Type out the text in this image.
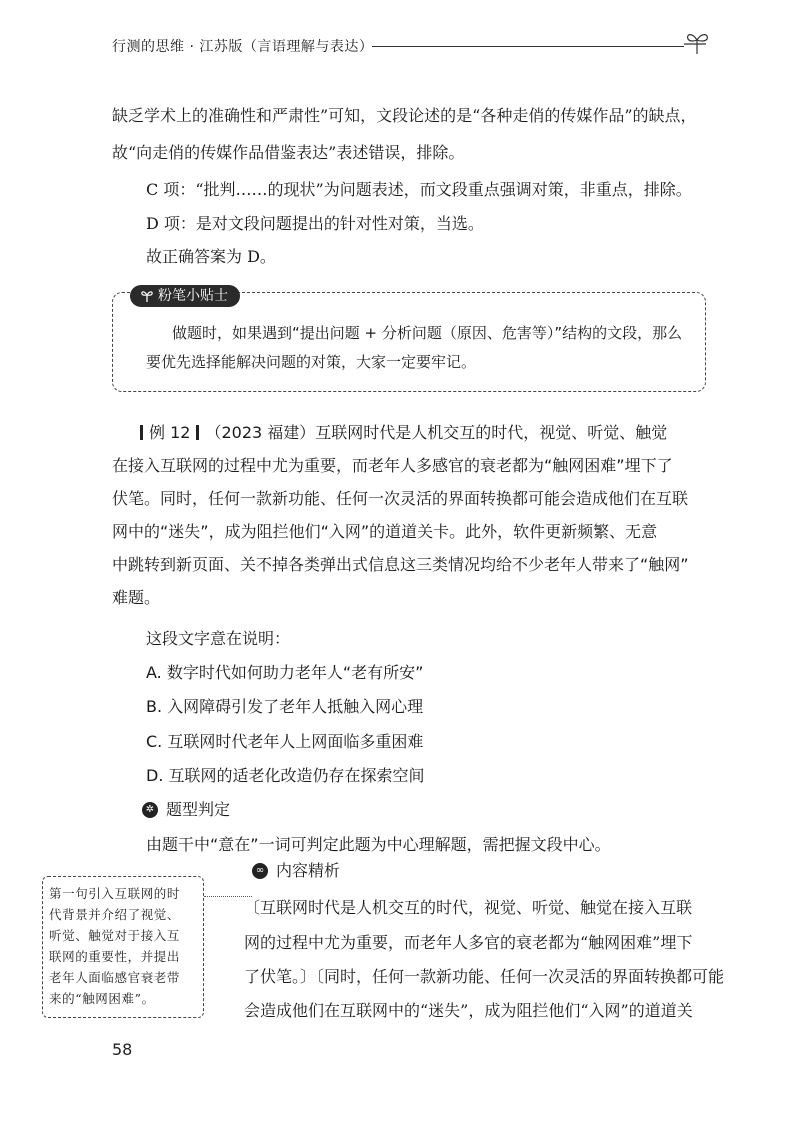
行测的思维 · 江苏版（言语理解与表达）
缺乏学术上的准确性和严肃性”可知，文段论述的是“各种走俏的传媒作品”的缺点，
故“向走俏的传媒作品借鉴表达”表述错误，排除。
C 项：“批判……的现状”为问题表述，而文段重点强调对策，非重点，排除。
D 项：是对文段问题提出的针对性对策，当选。
故正确答案为 D。
粉笔小贴士
做题时，如果遇到“提出问题 + 分析问题（原因、危害等）”结构的文段，那么
要优先选择能解决问题的对策，大家一定要牢记。
例 12 （2023 福建）互联网时代是人机交互的时代，视觉、听觉、触觉
在接入互联网的过程中尤为重要，而老年人多感官的衰老都为“触网困难”埋下了
伏笔。同时，任何一款新功能、任何一次灵活的界面转换都可能会造成他们在互联
网中的“迷失”，成为阻拦他们“入网”的道道关卡。此外，软件更新频繁、无意
中跳转到新页面、关不掉各类弹出式信息这三类情况均给不少老年人带来了“触网”
难题。
这段文字意在说明：
A. 数字时代如何助力老年人“老有所安”
B. 入网障碍引发了老年人抵触入网心理
C. 互联网时代老年人上网面临多重困难
D. 互联网的适老化改造仍存在探索空间
✲ 题型判定
由题干中“意在”一词可判定此题为中心理解题，需把握文段中心。
∞ 内容精析
〔互联网时代是人机交互的时代，视觉、听觉、触觉在接入互联
网的过程中尤为重要，而老年人多官的衰老都为“触网困难”埋下
了伏笔。〕〔同时，任何一款新功能、任何一次灵活的界面转换都可能
会造成他们在互联网中的“迷失”，成为阻拦他们“入网”的道道关
第一句引入互联网的时
代背景并介绍了视觉、
听觉、触觉对于接入互
联网的重要性，并提出
老年人面临感官衰老带
来的“触网困难”。
58
